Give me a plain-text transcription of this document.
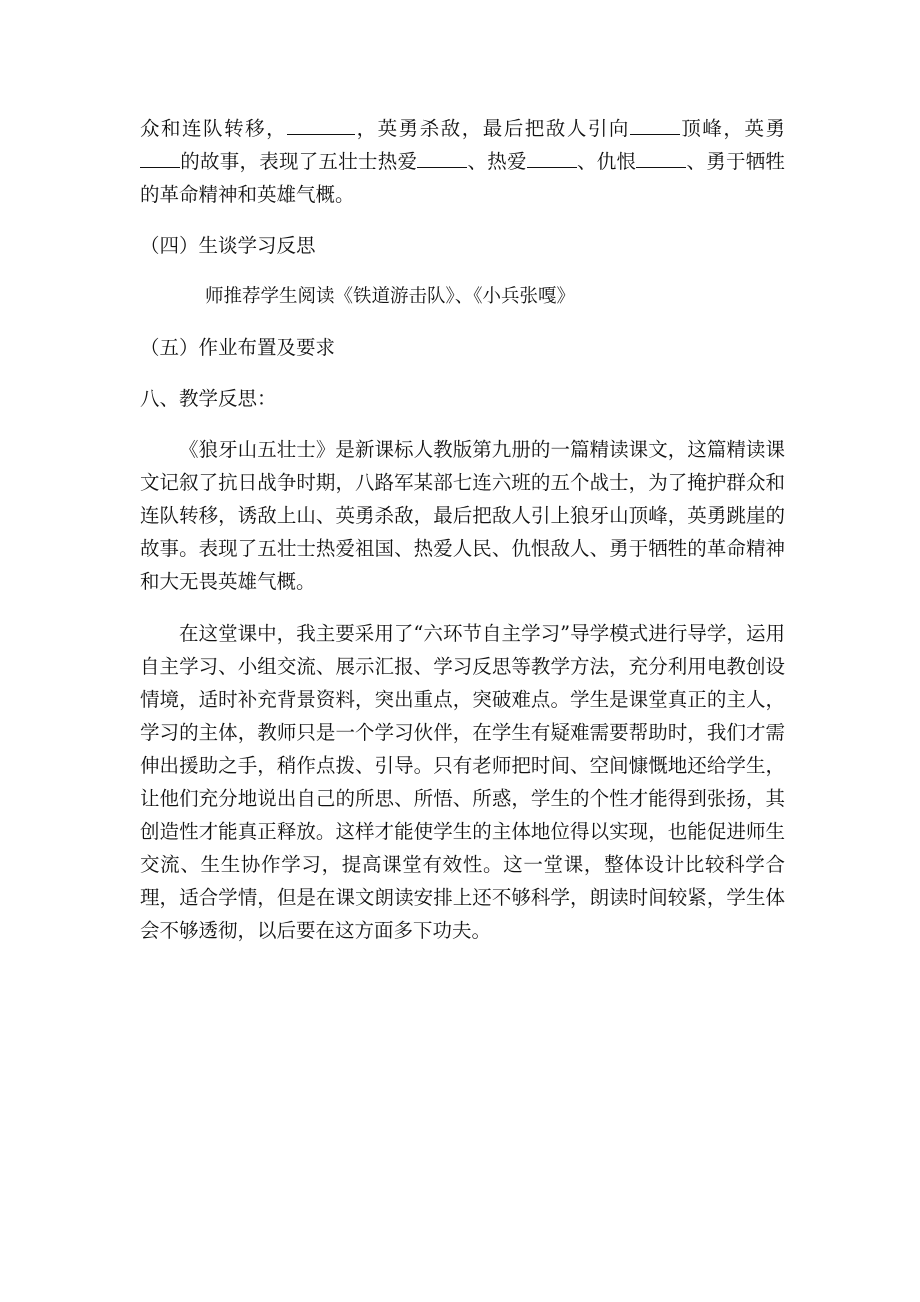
众和连队转移，	，英勇杀敌，最后把敌人引向	顶峰，英勇的故事，表现了五壮士热爱	、热爱	、仇恨	、勇于牺牲的革命精神和英雄气概。

（四）生谈学习反思

师推荐学生阅读《铁道游击队》、《小兵张嘎》

（五）作业布置及要求

八、教学反思：

《狼牙山五壮士》是新课标人教版第九册的一篇精读课文，这篇精读课文记叙了抗日战争时期，八路军某部七连六班的五个战士，为了掩护群众和连队转移，诱敌上山、英勇杀敌，最后把敌人引上狼牙山顶峰，英勇跳崖的故事。表现了五壮士热爱祖国、热爱人民、仇恨敌人、勇于牺牲的革命精神和大无畏英雄气概。

在这堂课中，我主要采用了“六环节自主学习”导学模式进行导学，运用自主学习、小组交流、展示汇报、学习反思等教学方法，充分利用电教创设情境，适时补充背景资料，突出重点，突破难点。学生是课堂真正的主人，学习的主体，教师只是一个学习伙伴，在学生有疑难需要帮助时，我们才需伸出援助之手，稍作点拨、引导。只有老师把时间、空间慷慨地还给学生，让他们充分地说出自己的所思、所悟、所惑，学生的个性才能得到张扬，其创造性才能真正释放。这样才能使学生的主体地位得以实现，也能促进师生交流、生生协作学习，提高课堂有效性。这一堂课，整体设计比较科学合理，适合学情，但是在课文朗读安排上还不够科学，朗读时间较紧，学生体会不够透彻，以后要在这方面多下功夫。
